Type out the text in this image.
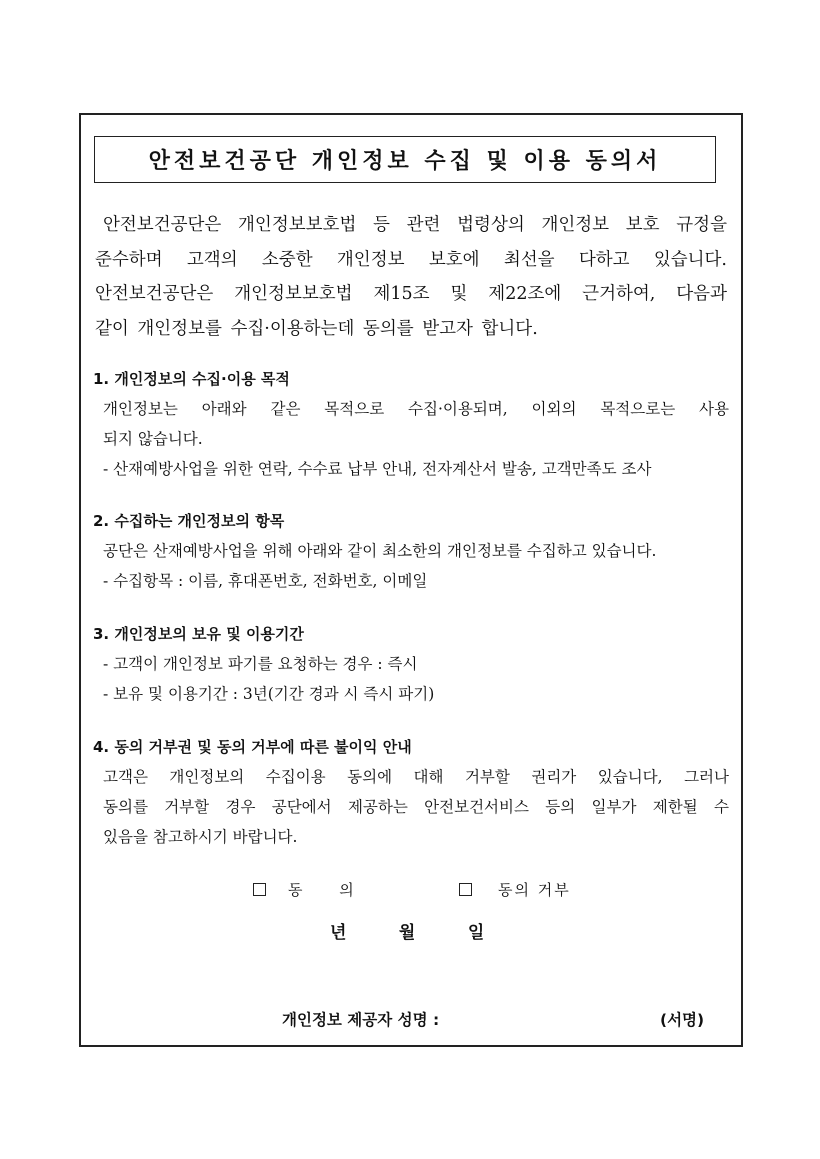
안전보건공단 개인정보 수집 및 이용 동의서
안전보건공단은 개인정보보호법 등 관련 법령상의 개인정보 보호 규정을
준수하며 고객의 소중한 개인정보 보호에 최선을 다하고 있습니다.
안전보건공단은 개인정보보호법 제15조 및 제22조에 근거하여, 다음과
같이 개인정보를 수집·이용하는데 동의를 받고자 합니다.
1. 개인정보의 수집·이용 목적
개인정보는 아래와 같은 목적으로 수집·이용되며, 이외의 목적으로는 사용
되지 않습니다.
- 산재예방사업을 위한 연락, 수수료 납부 안내, 전자계산서 발송, 고객만족도 조사
2. 수집하는 개인정보의 항목
공단은 산재예방사업을 위해 아래와 같이 최소한의 개인정보를 수집하고 있습니다.
- 수집항목 : 이름, 휴대폰번호, 전화번호, 이메일
3. 개인정보의 보유 및 이용기간
- 고객이 개인정보 파기를 요청하는 경우 : 즉시
- 보유 및 이용기간 : 3년(기간 경과 시 즉시 파기)
4. 동의 거부권 및 동의 거부에 따른 불이익 안내
고객은 개인정보의 수집이용 동의에 대해 거부할 권리가 있습니다, 그러나
동의를 거부할 경우 공단에서 제공하는 안전보건서비스 등의 일부가 제한될 수
있음을 참고하시기 바랍니다.
동 의	동의 거부
년	월	일
개인정보 제공자 성명 :	(서명)
